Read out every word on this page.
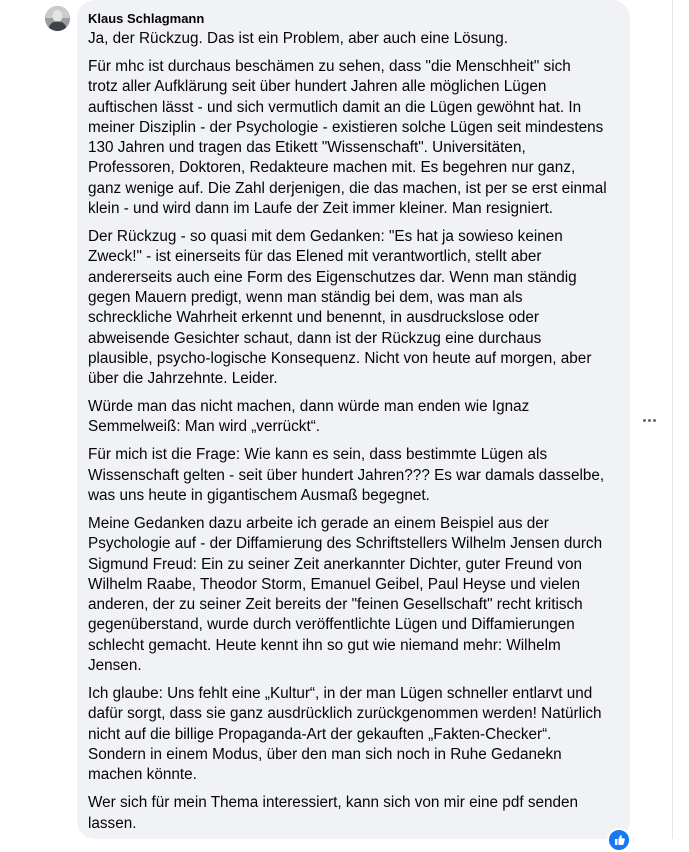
Klaus Schlagmann
Ja, der Rückzug. Das ist ein Problem, aber auch eine Lösung.
Für mhc ist durchaus beschämen zu sehen, dass "die Menschheit" sich
trotz aller Aufklärung seit über hundert Jahren alle möglichen Lügen
auftischen lässt - und sich vermutlich damit an die Lügen gewöhnt hat. In
meiner Disziplin - der Psychologie - existieren solche Lügen seit mindestens
130 Jahren und tragen das Etikett "Wissenschaft". Universitäten,
Professoren, Doktoren, Redakteure machen mit. Es begehren nur ganz,
ganz wenige auf. Die Zahl derjenigen, die das machen, ist per se erst einmal
klein - und wird dann im Laufe der Zeit immer kleiner. Man resigniert.
Der Rückzug - so quasi mit dem Gedanken: "Es hat ja sowieso keinen
Zweck!" - ist einerseits für das Elened mit verantwortlich, stellt aber
andererseits auch eine Form des Eigenschutzes dar. Wenn man ständig
gegen Mauern predigt, wenn man ständig bei dem, was man als
schreckliche Wahrheit erkennt und benennt, in ausdruckslose oder
abweisende Gesichter schaut, dann ist der Rückzug eine durchaus
plausible, psycho-logische Konsequenz. Nicht von heute auf morgen, aber
über die Jahrzehnte. Leider.
Würde man das nicht machen, dann würde man enden wie Ignaz
Semmelweiß: Man wird „verrückt“.
Für mich ist die Frage: Wie kann es sein, dass bestimmte Lügen als
Wissenschaft gelten - seit über hundert Jahren??? Es war damals dasselbe,
was uns heute in gigantischem Ausmaß begegnet.
Meine Gedanken dazu arbeite ich gerade an einem Beispiel aus der
Psychologie auf - der Diffamierung des Schriftstellers Wilhelm Jensen durch
Sigmund Freud: Ein zu seiner Zeit anerkannter Dichter, guter Freund von
Wilhelm Raabe, Theodor Storm, Emanuel Geibel, Paul Heyse und vielen
anderen, der zu seiner Zeit bereits der "feinen Gesellschaft" recht kritisch
gegenüberstand, wurde durch veröffentlichte Lügen und Diffamierungen
schlecht gemacht. Heute kennt ihn so gut wie niemand mehr: Wilhelm
Jensen.
Ich glaube: Uns fehlt eine „Kultur“, in der man Lügen schneller entlarvt und
dafür sorgt, dass sie ganz ausdrücklich zurückgenommen werden! Natürlich
nicht auf die billige Propaganda-Art der gekauften „Fakten-Checker“.
Sondern in einem Modus, über den man sich noch in Ruhe Gedanekn
machen könnte.
Wer sich für mein Thema interessiert, kann sich von mir eine pdf senden
lassen.
